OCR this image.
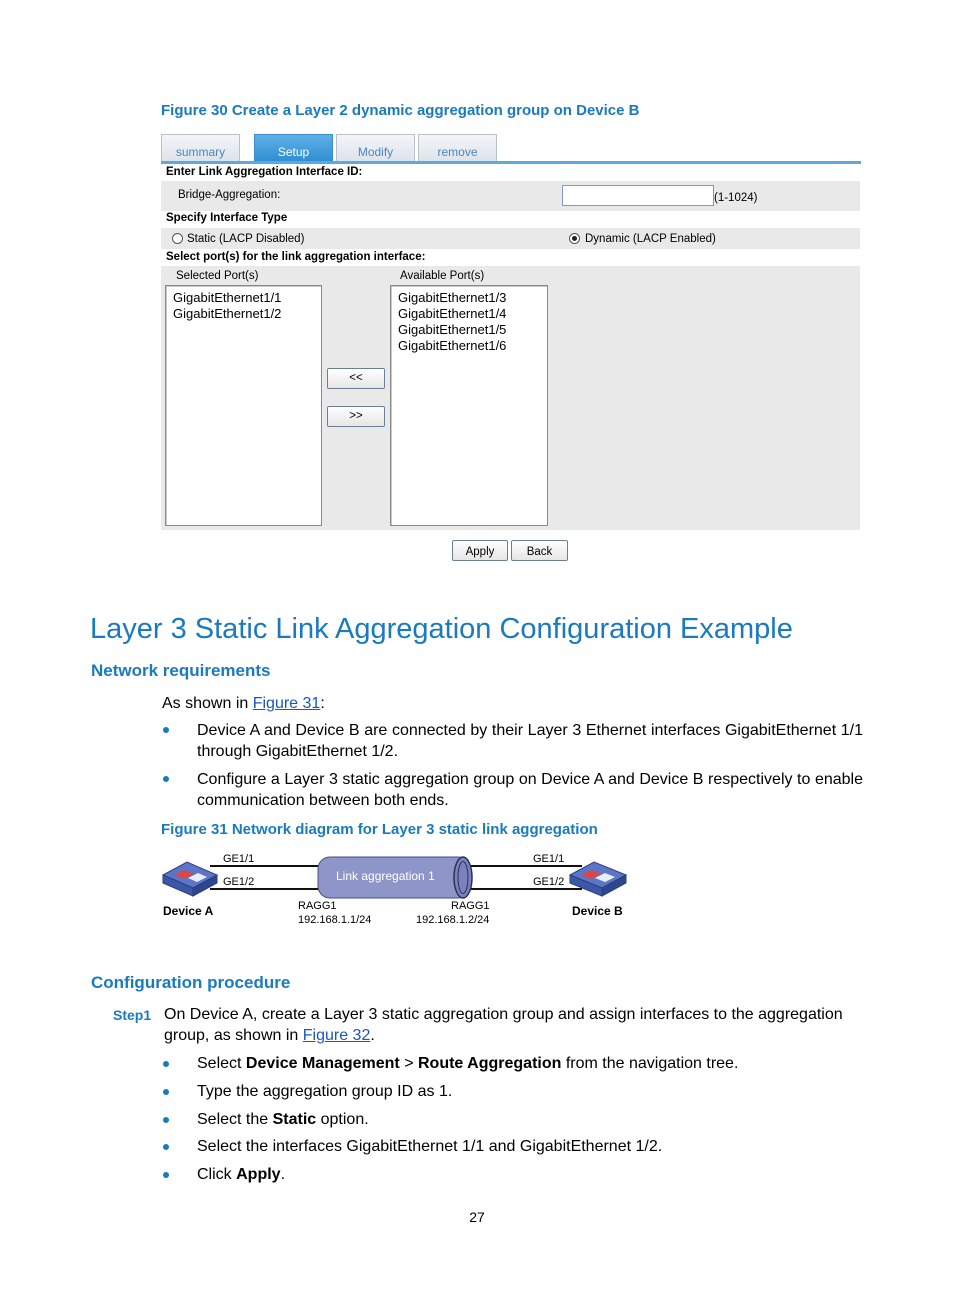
Figure 30 Create a Layer 2 dynamic aggregation group on Device B
summary	Setup	Modify	remove
Enter Link Aggregation Interface ID:
Bridge-Aggregation:	(1-1024)
Specify Interface Type
Static (LACP Disabled)	Dynamic (LACP Enabled)
Select port(s) for the link aggregation interface:
Selected Port(s)	Available Port(s)
GigabitEthernet1/1
GigabitEthernet1/2
<<
>>
GigabitEthernet1/3
GigabitEthernet1/4
GigabitEthernet1/5
GigabitEthernet1/6
Apply	Back
Layer 3 Static Link Aggregation Configuration Example
Network requirements
As shown in Figure 31:
Device A and Device B are connected by their Layer 3 Ethernet interfaces GigabitEthernet 1/1 through GigabitEthernet 1/2.
Configure a Layer 3 static aggregation group on Device A and Device B respectively to enable communication between both ends.
Figure 31 Network diagram for Layer 3 static link aggregation
Link aggregation 1
GE1/1
GE1/2
GE1/1
GE1/2
Device A	Device B
RAGG1
192.168.1.1/24
RAGG1
192.168.1.2/24
Configuration procedure
Step1 On Device A, create a Layer 3 static aggregation group and assign interfaces to the aggregation group, as shown in Figure 32.
Select Device Management > Route Aggregation from the navigation tree.
Type the aggregation group ID as 1.
Select the Static option.
Select the interfaces GigabitEthernet 1/1 and GigabitEthernet 1/2.
Click Apply.
27
